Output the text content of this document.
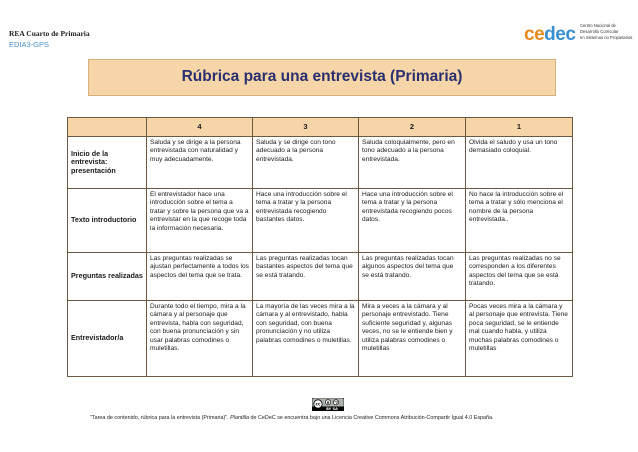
REA Cuarto de Primaria
EDIA3-GPS	cedec Centro Nacional de
Desarrollo Curricular
en Sistemas no Propietarios
Rúbrica para una entrevista (Primaria)
	4	3	2	1
Inicio de la entrevista: presentación	Saluda y se dirige a la persona entrevistada con naturalidad y muy adecuadamente.	Saluda y se dirige con tono adecuado a la persona entrevistada.	Saluda coloquialmente, pero en tono adecuado a la persona entrevistada.	Olvida el saludo y usa un tono demasiado coloquial.
Texto introductorio	El entrevistador hace una introducción sobre el tema a tratar y sobre la persona que va a entrevistar en la que recoge toda la información necesaria.	Hace una introducción sobre el tema a tratar y la persona entrevistada recogiendo bastantes datos.	Hace una introducción sobre el tema a tratar y la persona entrevistada recogiendo pocos datos.	No hace la introducción sobre el tema a tratar y sólo menciona el nombre de la persona entrevistada..
Preguntas realizadas	Las preguntas realizadas se ajustan perfectamente a todos los aspectos del tema que se trata.	Las preguntas realizadas tocan bastantes aspectos del tema que se está tratando.	Las preguntas realizadas tocan algunos aspectos del tema que se está tratando.	Las preguntas realizadas no se corresponden a los diferentes aspectos del tema que se está tratando.
Entrevistador/a	Durante todo el tiempo, mira a la cámara y al personaje que entrevista, habla con seguridad, con buena pronunciación y sin usar palabras comodines o muletillas.	La mayoría de las veces mira a la cámara y al entrevistado, habla con seguridad, con buena pronunciación y no utiliza palabras comodines o muletillas.	Mira a veces a la cámara y al personaje entrevistado. Tiene suficiente seguridad y, algunas veces, no se le entiende bien y utiliza palabras comodines o muletillas	Pocas veces mira a la cámara y al personaje que entrevista. Tiene poca seguridad, se le entiende mal cuando habla, y utiliza muchas palabras comodines o muletillas
cc
BY SA
"Tarea de contenido, rúbrica para la entrevista (Primaria)". Plantilla de CeDeC se encuentra bajo una Licencia Creative Commons Atribución-Compartir Igual 4.0 España.
